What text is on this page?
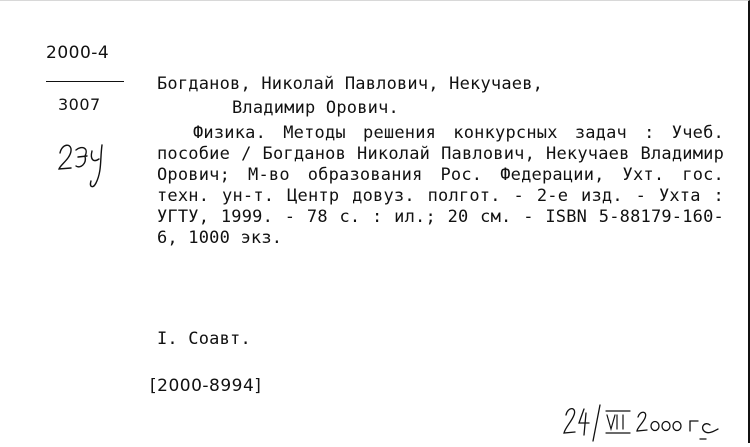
2000-4
3007
Богданов, Николай Павлович, Некучаев,
Владимир Орович.
Физика. Методы решения конкурсных задач : Учеб. пособие / Богданов Николай Павлович, Некучаев Владимир Орович; М-во образования Рос. Федерации, Ухт. гос. техн. ун-т. Центр довуз. полгот. - 2-е изд. - Ухта : УГТУ, 1999. - 78 с. : ил.; 20 см. - ISBN 5-88179-160-6, 1000 экз.
I. Соавт.
[2000-8994]
